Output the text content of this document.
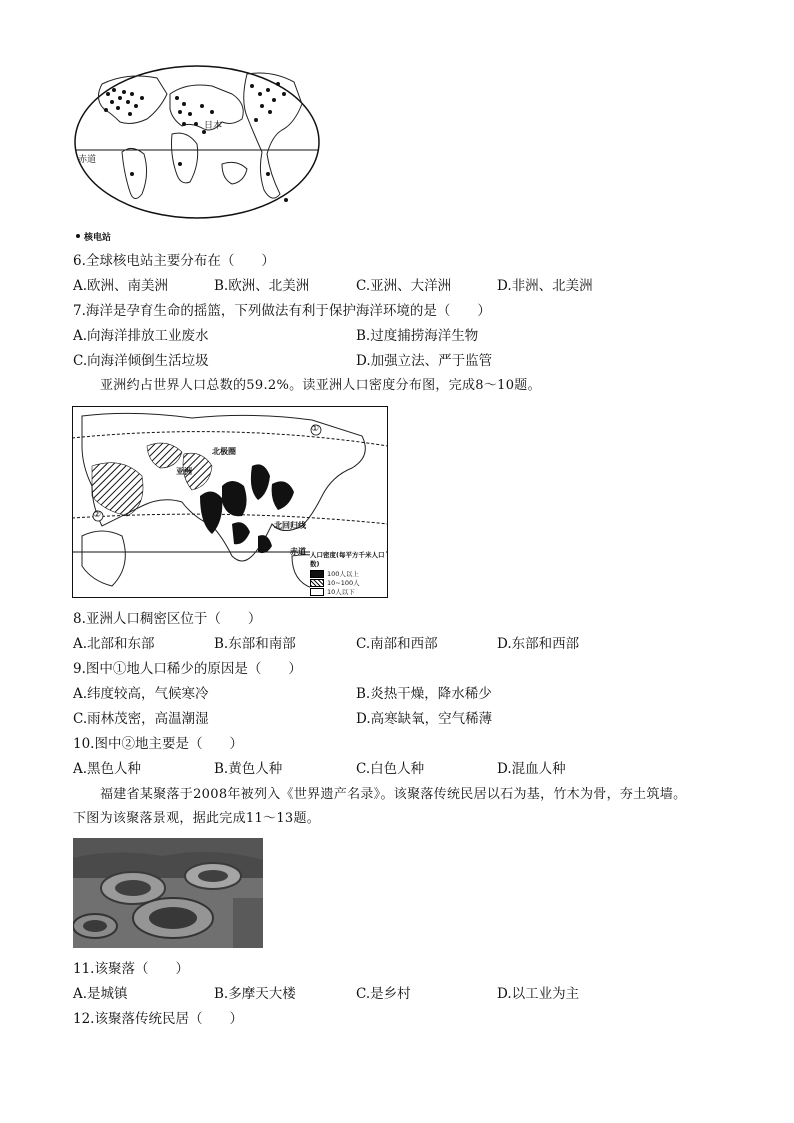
日本
赤道
核电站
6.全球核电站主要分布在（　　）
A.欧洲、南美洲	B.欧洲、北美洲	C.亚洲、大洋洲	D.非洲、北美洲
7.海洋是孕育生命的摇篮，下列做法有利于保护海洋环境的是（　　）
A.向海洋排放工业废水	B.过度捕捞海洋生物
C.向海洋倾倒生活垃圾	D.加强立法、严于监管
亚洲约占世界人口总数的59.2%。读亚洲人口密度分布图，完成8～10题。
①
②
北极圈
亚洲
北回归线
赤道 人口密度(每平方千米人口数)
100人以上
10~100人
10人以下
8.亚洲人口稠密区位于（　　）
A.北部和东部	B.东部和南部	C.南部和西部	D.东部和西部
9.图中①地人口稀少的原因是（　　）
A.纬度较高，气候寒冷	B.炎热干燥，降水稀少
C.雨林茂密，高温潮湿	D.高寒缺氧，空气稀薄
10.图中②地主要是（　　）
A.黑色人种	B.黄色人种	C.白色人种	D.混血人种
福建省某聚落于2008年被列入《世界遗产名录》。该聚落传统民居以石为基，竹木为骨，夯土筑墙。
下图为该聚落景观，据此完成11～13题。
11.该聚落（　　）
A.是城镇	B.多摩天大楼	C.是乡村	D.以工业为主
12.该聚落传统民居（　　）
